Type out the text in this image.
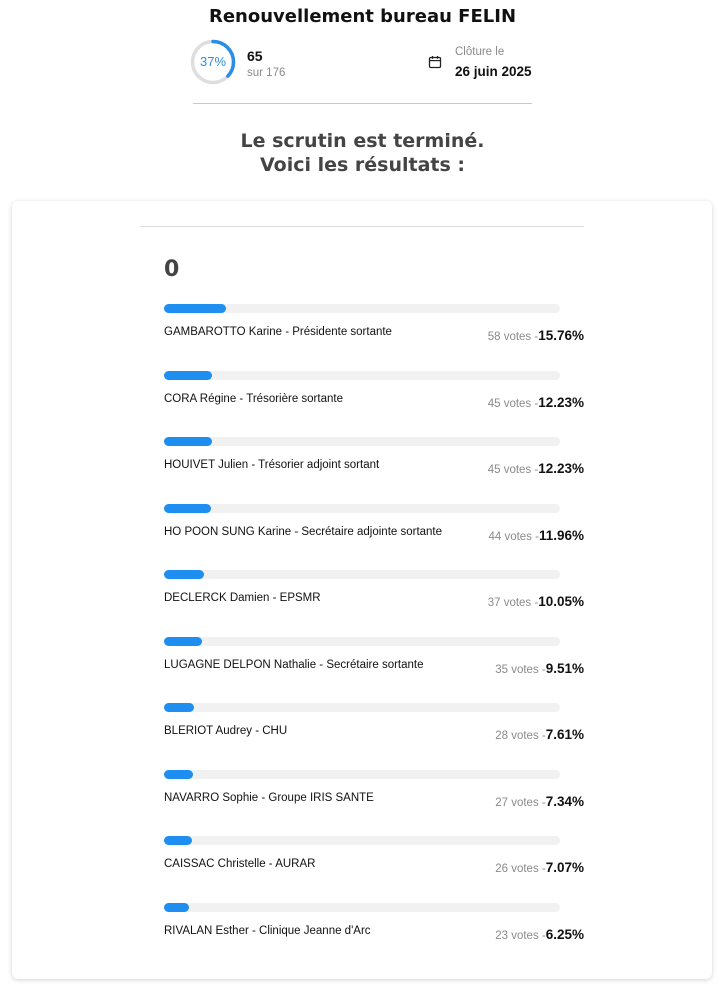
Renouvellement bureau FELIN
37%	65
sur 176
Clôture le
26 juin 2025
Le scrutin est terminé.
Voici les résultats :
0
GAMBAROTTO Karine - Présidente sortante	58 votes -15.76%
CORA Régine - Trésorière sortante	45 votes -12.23%
HOUIVET Julien - Trésorier adjoint sortant	45 votes -12.23%
HO POON SUNG Karine - Secrétaire adjointe sortante	44 votes -11.96%
DECLERCK Damien - EPSMR	37 votes -10.05%
LUGAGNE DELPON Nathalie - Secrétaire sortante	35 votes -9.51%
BLERIOT Audrey - CHU	28 votes -7.61%
NAVARRO Sophie - Groupe IRIS SANTE	27 votes -7.34%
CAISSAC Christelle - AURAR	26 votes -7.07%
RIVALAN Esther - Clinique Jeanne d'Arc	23 votes -6.25%
